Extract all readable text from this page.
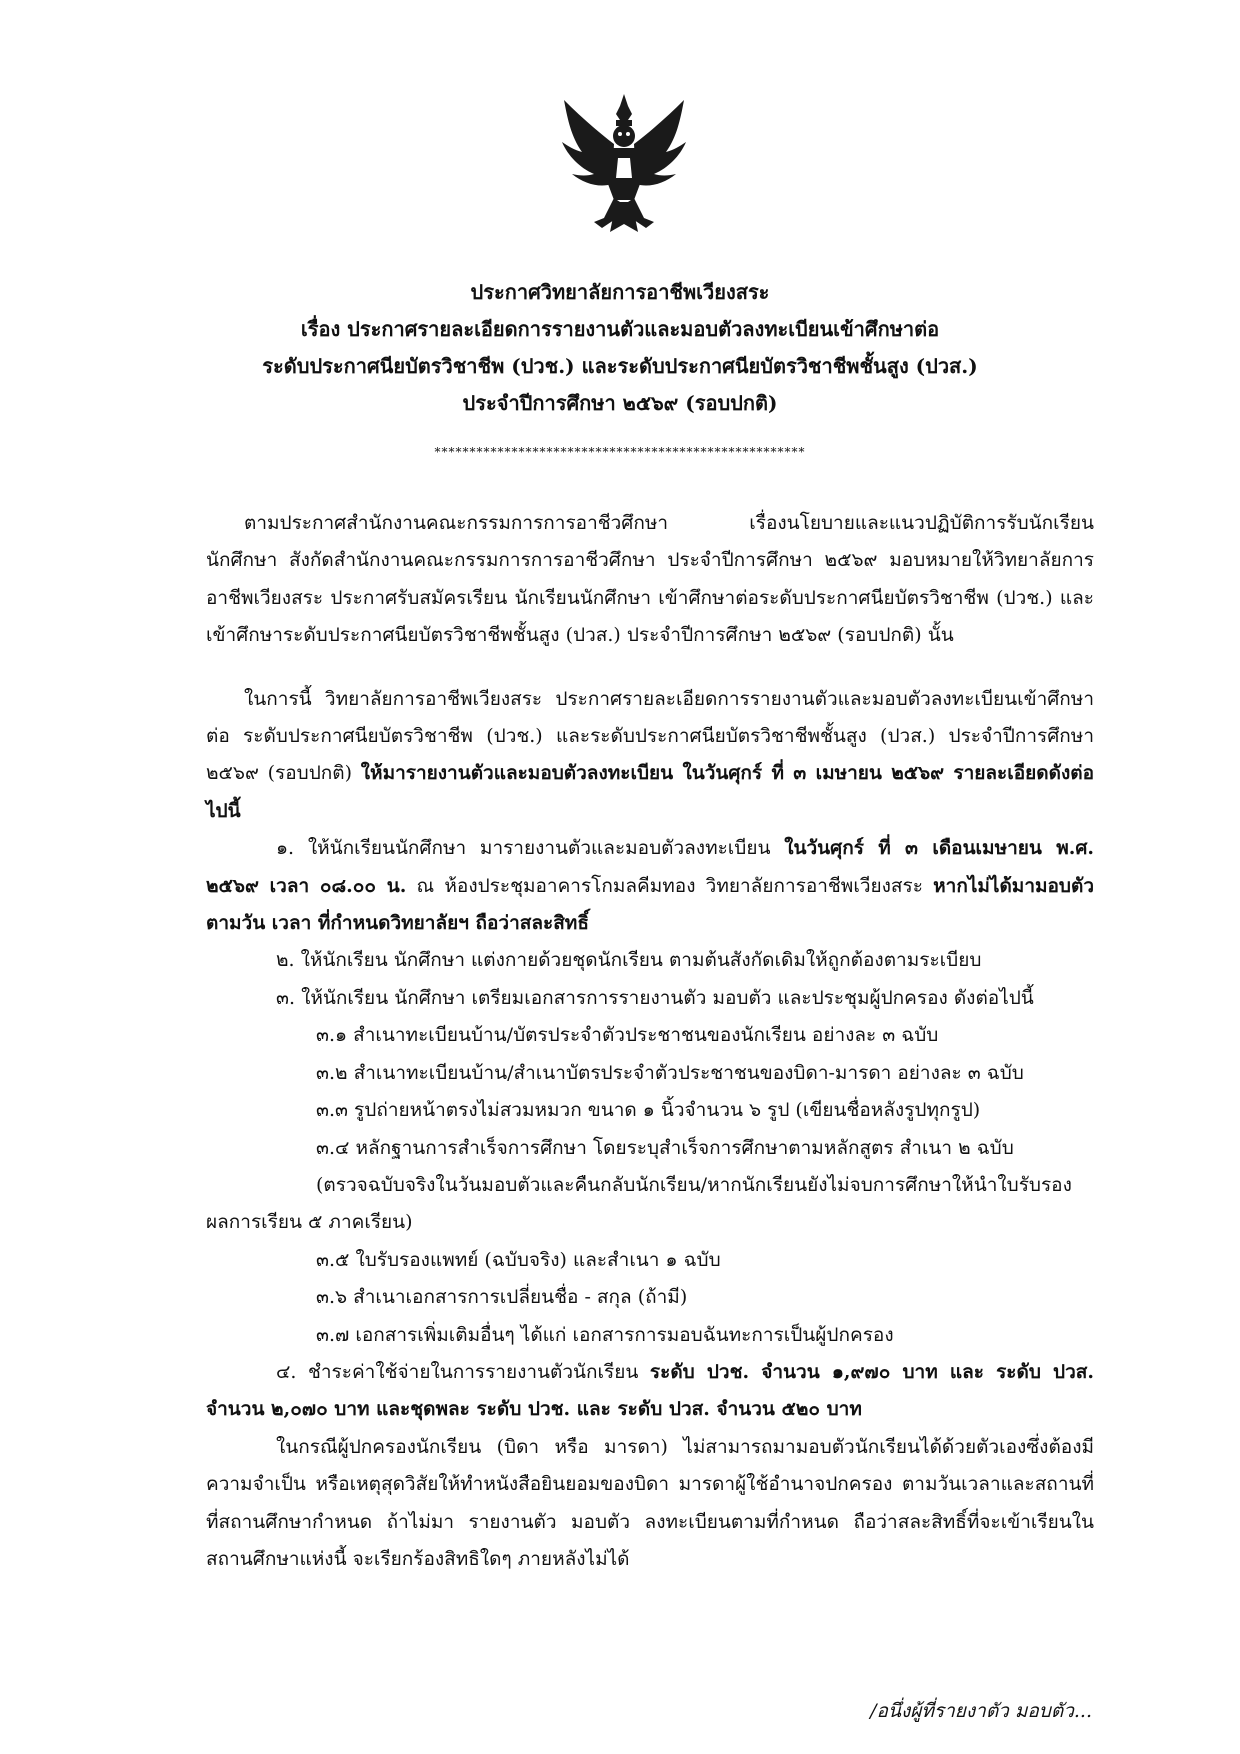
ประกาศวิทยาลัยการอาชีพเวียงสระ
เรื่อง ประกาศรายละเอียดการรายงานตัวและมอบตัวลงทะเบียนเข้าศึกษาต่อ
ระดับประกาศนียบัตรวิชาชีพ (ปวช.) และระดับประกาศนียบัตรวิชาชีพชั้นสูง (ปวส.)
ประจำปีการศึกษา ๒๕๖๙ (รอบปกติ)
*****************************************************

ตามประกาศสำนักงานคณะกรรมการการอาชีวศึกษา เรื่องนโยบายและแนวปฏิบัติการรับนักเรียน นักศึกษา สังกัดสำนักงานคณะกรรมการการอาชีวศึกษา ประจำปีการศึกษา ๒๕๖๙ มอบหมายให้วิทยาลัยการอาชีพเวียงสระ ประกาศรับสมัครเรียน นักเรียนนักศึกษา เข้าศึกษาต่อระดับประกาศนียบัตรวิชาชีพ (ปวช.) และเข้าศึกษาระดับประกาศนียบัตรวิชาชีพชั้นสูง (ปวส.) ประจำปีการศึกษา ๒๕๖๙ (รอบปกติ) นั้น

ในการนี้ วิทยาลัยการอาชีพเวียงสระ ประกาศรายละเอียดการรายงานตัวและมอบตัวลงทะเบียนเข้าศึกษาต่อ ระดับประกาศนียบัตรวิชาชีพ (ปวช.) และระดับประกาศนียบัตรวิชาชีพชั้นสูง (ปวส.) ประจำปีการศึกษา ๒๕๖๙ (รอบปกติ) ให้มารายงานตัวและมอบตัวลงทะเบียน ในวันศุกร์ ที่ ๓ เมษายน ๒๕๖๙ รายละเอียดดังต่อไปนี้

๑. ให้นักเรียนนักศึกษา มารายงานตัวและมอบตัวลงทะเบียน ในวันศุกร์ ที่ ๓ เดือนเมษายน พ.ศ. ๒๕๖๙ เวลา ๐๘.๐๐ น. ณ ห้องประชุมอาคารโกมลคีมทอง วิทยาลัยการอาชีพเวียงสระ หากไม่ได้มามอบตัวตามวัน เวลา ที่กำหนดวิทยาลัยฯ ถือว่าสละสิทธิ์

๒. ให้นักเรียน นักศึกษา แต่งกายด้วยชุดนักเรียน ตามต้นสังกัดเดิมให้ถูกต้องตามระเบียบ

๓. ให้นักเรียน นักศึกษา เตรียมเอกสารการรายงานตัว มอบตัว และประชุมผู้ปกครอง ดังต่อไปนี้

๓.๑ สำเนาทะเบียนบ้าน/บัตรประจำตัวประชาชนของนักเรียน อย่างละ ๓ ฉบับ

๓.๒ สำเนาทะเบียนบ้าน/สำเนาบัตรประจำตัวประชาชนของบิดา-มารดา อย่างละ ๓ ฉบับ

๓.๓ รูปถ่ายหน้าตรงไม่สวมหมวก ขนาด ๑ นิ้วจำนวน ๖ รูป (เขียนชื่อหลังรูปทุกรูป)

๓.๔ หลักฐานการสำเร็จการศึกษา โดยระบุสำเร็จการศึกษาตามหลักสูตร สำเนา ๒ ฉบับ

(ตรวจฉบับจริงในวันมอบตัวและคืนกลับนักเรียน/หากนักเรียนยังไม่จบการศึกษาให้นำใบรับรองผลการเรียน ๕ ภาคเรียน)

๓.๕ ใบรับรองแพทย์ (ฉบับจริง) และสำเนา ๑ ฉบับ

๓.๖ สำเนาเอกสารการเปลี่ยนชื่อ - สกุล (ถ้ามี)

๓.๗ เอกสารเพิ่มเติมอื่นๆ ได้แก่ เอกสารการมอบฉันทะการเป็นผู้ปกครอง

๔. ชำระค่าใช้จ่ายในการรายงานตัวนักเรียน ระดับ ปวช. จำนวน ๑,๙๗๐ บาท และ ระดับ ปวส. จำนวน ๒,๐๗๐ บาท และชุดพละ ระดับ ปวช. และ ระดับ ปวส. จำนวน ๕๒๐ บาท

ในกรณีผู้ปกครองนักเรียน (บิดา หรือ มารดา) ไม่สามารถมามอบตัวนักเรียนได้ด้วยตัวเองซึ่งต้องมีความจำเป็น หรือเหตุสุดวิสัยให้ทำหนังสือยินยอมของบิดา มารดาผู้ใช้อำนาจปกครอง ตามวันเวลาและสถานที่ที่สถานศึกษากำหนด ถ้าไม่มา รายงานตัว มอบตัว ลงทะเบียนตามที่กำหนด ถือว่าสละสิทธิ์ที่จะเข้าเรียนในสถานศึกษาแห่งนี้ จะเรียกร้องสิทธิใดๆ ภายหลังไม่ได้

/อนึ่งผู้ที่รายงาตัว มอบตัว...
